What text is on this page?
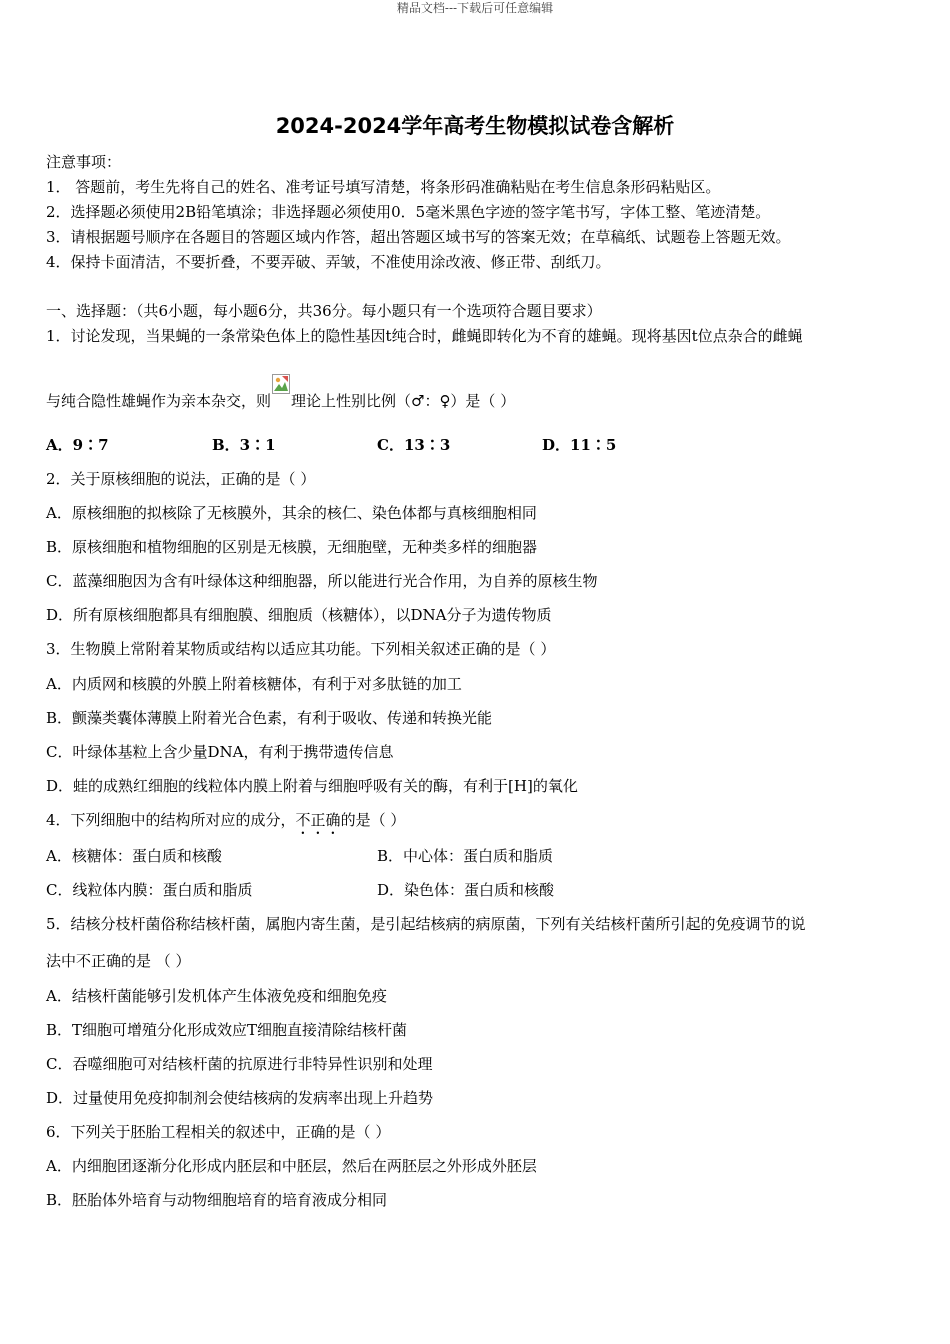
精品文档---下载后可任意编辑
2024-2024学年高考生物模拟试卷含解析
注意事项：
1． 答题前，考生先将自己的姓名、准考证号填写清楚，将条形码准确粘贴在考生信息条形码粘贴区。
2．选择题必须使用2B铅笔填涂；非选择题必须使用0．5毫米黑色字迹的签字笔书写，字体工整、笔迹清楚。
3．请根据题号顺序在各题目的答题区域内作答，超出答题区域书写的答案无效；在草稿纸、试题卷上答题无效。
4．保持卡面清洁，不要折叠，不要弄破、弄皱，不准使用涂改液、修正带、刮纸刀。
一、选择题：（共6小题，每小题6分，共36分。每小题只有一个选项符合题目要求）
1．讨论发现，当果蝇的一条常染色体上的隐性基因t纯合时，雌蝇即转化为不育的雄蝇。现将基因t位点杂合的雌蝇
与纯合隐性雄蝇作为亲本杂交，则 理论上性别比例（♂：♀）是（ ）
A．9∶7	B．3∶1	C．13∶3	D．11∶5
2．关于原核细胞的说法，正确的是（ ）
A．原核细胞的拟核除了无核膜外，其余的核仁、染色体都与真核细胞相同
B．原核细胞和植物细胞的区别是无核膜，无细胞壁，无种类多样的细胞器
C．蓝藻细胞因为含有叶绿体这种细胞器，所以能进行光合作用，为自养的原核生物
D．所有原核细胞都具有细胞膜、细胞质（核糖体），以DNA分子为遗传物质
3．生物膜上常附着某物质或结构以适应其功能。下列相关叙述正确的是（ ）
A．内质网和核膜的外膜上附着核糖体，有利于对多肽链的加工
B．颤藻类囊体薄膜上附着光合色素，有利于吸收、传递和转换光能
C．叶绿体基粒上含少量DNA，有利于携带遗传信息
D．蛙的成熟红细胞的线粒体内膜上附着与细胞呼吸有关的酶，有利于[H]的氧化
4．下列细胞中的结构所对应的成分，不正确的是（ ）
A．核糖体：蛋白质和核酸	B．中心体：蛋白质和脂质
C．线粒体内膜：蛋白质和脂质	D．染色体：蛋白质和核酸
5．结核分枝杆菌俗称结核杆菌，属胞内寄生菌，是引起结核病的病原菌，下列有关结核杆菌所引起的免疫调节的说
法中不正确的是 （ ）
A．结核杆菌能够引发机体产生体液免疫和细胞免疫
B．T细胞可增殖分化形成效应T细胞直接清除结核杆菌
C．吞噬细胞可对结核杆菌的抗原进行非特异性识别和处理
D．过量使用免疫抑制剂会使结核病的发病率出现上升趋势
6．下列关于胚胎工程相关的叙述中，正确的是（ ）
A．内细胞团逐渐分化形成内胚层和中胚层，然后在两胚层之外形成外胚层
B．胚胎体外培育与动物细胞培育的培育液成分相同
